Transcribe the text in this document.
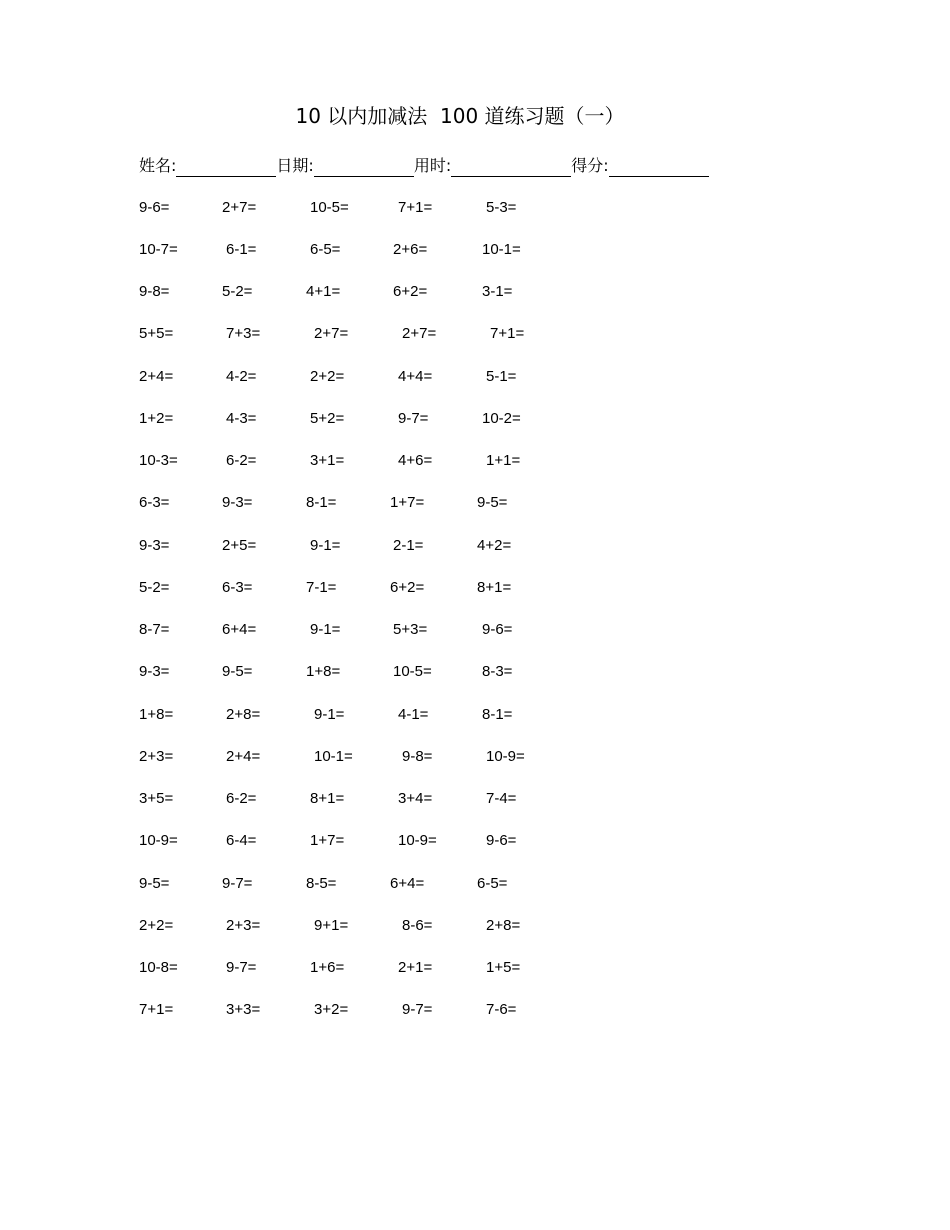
10 以内加减法  100 道练习题（一）
姓名:	日期:	用时:	得分:
9-6=	2+7=	10-5=	7+1=	5-3=
10-7=	6-1=	6-5=	2+6=	10-1=
9-8=	5-2=	4+1=	6+2=	3-1=
5+5=	7+3=	2+7=	2+7=	7+1=
2+4=	4-2=	2+2=	4+4=	5-1=
1+2=	4-3=	5+2=	9-7=	10-2=
10-3=	6-2=	3+1=	4+6=	1+1=
6-3=	9-3=	8-1=	1+7=	9-5=
9-3=	2+5=	9-1=	2-1=	4+2=
5-2=	6-3=	7-1=	6+2=	8+1=
8-7=	6+4=	9-1=	5+3=	9-6=
9-3=	9-5=	1+8=	10-5=	8-3=
1+8=	2+8=	9-1=	4-1=	8-1=
2+3=	2+4=	10-1=	9-8=	10-9=
3+5=	6-2=	8+1=	3+4=	7-4=
10-9=	6-4=	1+7=	10-9=	9-6=
9-5=	9-7=	8-5=	6+4=	6-5=
2+2=	2+3=	9+1=	8-6=	2+8=
10-8=	9-7=	1+6=	2+1=	1+5=
7+1=	3+3=	3+2=	9-7=	7-6=
